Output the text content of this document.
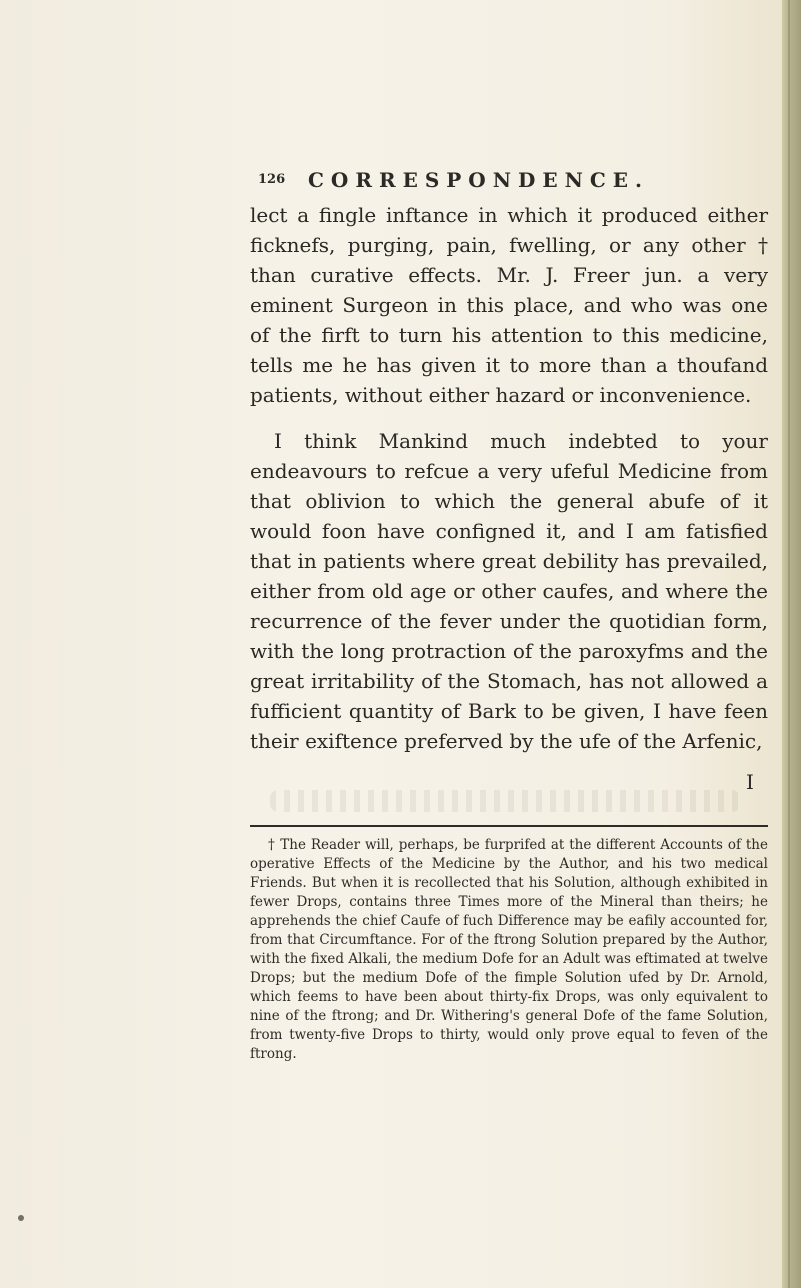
126 CORRESPONDENCE.

lect a fingle inftance in which it produced either ficknefs, purging, pain, fwelling, or any other † than curative effects. Mr. J. Freer jun. a very eminent Surgeon in this place, and who was one of the firft to turn his attention to this medicine, tells me he has given it to more than a thoufand patients, without either hazard or inconvenience.

I think Mankind much indebted to your endeavours to refcue a very ufeful Medicine from that oblivion to which the general abufe of it would foon have configned it, and I am fatisfied that in patients where great debility has prevailed, either from old age or other caufes, and where the recurrence of the fever under the quotidian form, with the long protraction of the paroxyfms and the great irritability of the Stomach, has not allowed a fufficient quantity of Bark to be given, I have feen their exiftence preferved by the ufe of the Arfenic,

I

† The Reader will, perhaps, be furprifed at the different Accounts of the operative Effects of the Medicine by the Author, and his two medical Friends. But when it is recollected that his Solution, although exhibited in fewer Drops, contains three Times more of the Mineral than theirs; he apprehends the chief Caufe of fuch Difference may be eafily accounted for, from that Circumftance. For of the ftrong Solution prepared by the Author, with the fixed Alkali, the medium Dofe for an Adult was eftimated at twelve Drops; but the medium Dofe of the fimple Solution ufed by Dr. Arnold, which feems to have been about thirty-fix Drops, was only equivalent to nine of the ftrong; and Dr. Withering's general Dofe of the fame Solution, from twenty-five Drops to thirty, would only prove equal to feven of the ftrong.
